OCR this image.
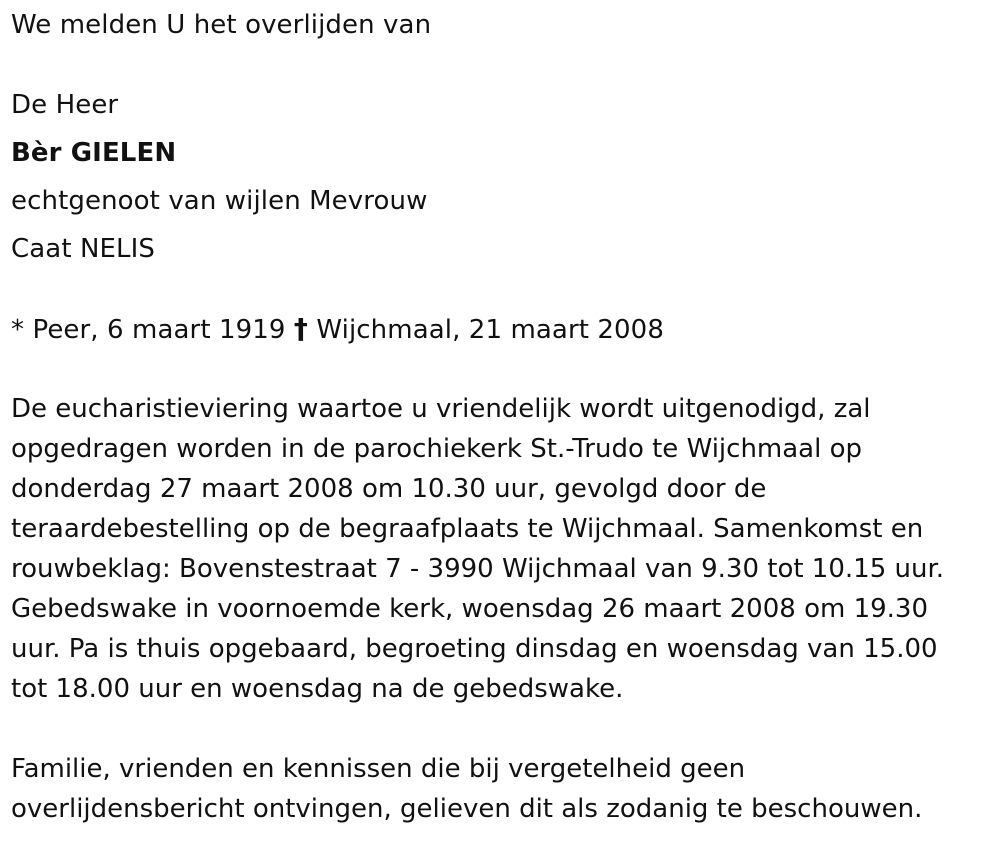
We melden U het overlijden van
De Heer
Bèr GIELEN
echtgenoot van wijlen Mevrouw
Caat NELIS
* Peer, 6 maart 1919 † Wijchmaal, 21 maart 2008
De eucharistieviering waartoe u vriendelijk wordt uitgenodigd, zal
opgedragen worden in de parochiekerk St.-Trudo te Wijchmaal op
donderdag 27 maart 2008 om 10.30 uur, gevolgd door de
teraardebestelling op de begraafplaats te Wijchmaal. Samenkomst en
rouwbeklag: Bovenstestraat 7 - 3990 Wijchmaal van 9.30 tot 10.15 uur.
Gebedswake in voornoemde kerk, woensdag 26 maart 2008 om 19.30
uur. Pa is thuis opgebaard, begroeting dinsdag en woensdag van 15.00
tot 18.00 uur en woensdag na de gebedswake.
Familie, vrienden en kennissen die bij vergetelheid geen
overlijdensbericht ontvingen, gelieven dit als zodanig te beschouwen.
